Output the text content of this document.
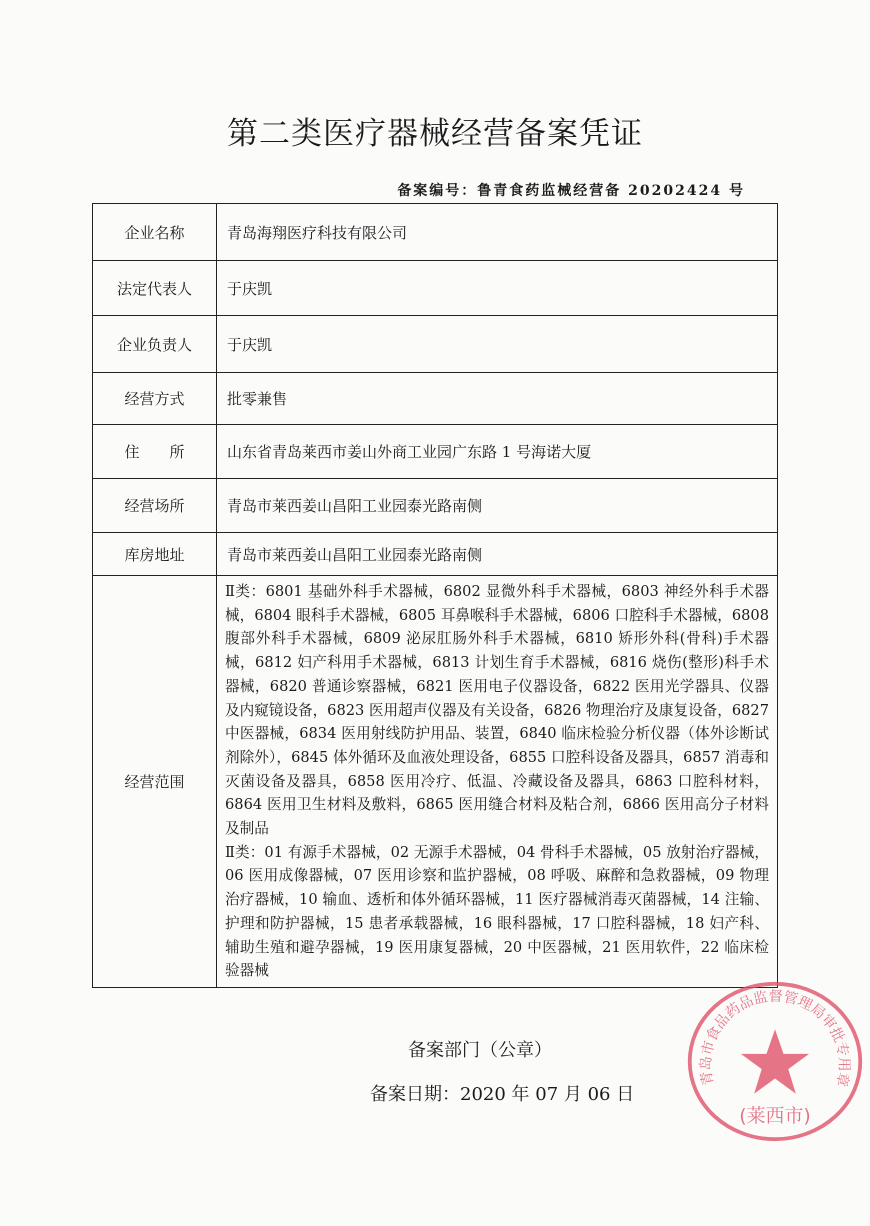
第二类医疗器械经营备案凭证
备案编号：鲁青食药监械经营备 20202424 号
企业名称	青岛海翔医疗科技有限公司
法定代表人	于庆凯
企业负责人	于庆凯
经营方式	批零兼售
住　　所	山东省青岛莱西市姜山外商工业园广东路 1 号海诺大厦
经营场所	青岛市莱西姜山昌阳工业园泰光路南侧
库房地址	青岛市莱西姜山昌阳工业园泰光路南侧
经营范围	Ⅱ类：6801 基础外科手术器械，6802 显微外科手术器械，6803 神经外科手术器械，6804 眼科手术器械，6805 耳鼻喉科手术器械，6806 口腔科手术器械，6808 腹部外科手术器械，6809 泌尿肛肠外科手术器械，6810 矫形外科(骨科)手术器械，6812 妇产科用手术器械，6813 计划生育手术器械，6816 烧伤(整形)科手术器械，6820 普通诊察器械，6821 医用电子仪器设备，6822 医用光学器具、仪器及内窥镜设备，6823 医用超声仪器及有关设备，6826 物理治疗及康复设备，6827 中医器械，6834 医用射线防护用品、装置，6840 临床检验分析仪器（体外诊断试剂除外），6845 体外循环及血液处理设备，6855 口腔科设备及器具，6857 消毒和灭菌设备及器具，6858 医用冷疗、低温、冷藏设备及器具，6863 口腔科材料，6864 医用卫生材料及敷料，6865 医用缝合材料及粘合剂，6866 医用高分子材料及制品
Ⅱ类：01 有源手术器械，02 无源手术器械，04 骨科手术器械，05 放射治疗器械，06 医用成像器械，07 医用诊察和监护器械，08 呼吸、麻醉和急救器械，09 物理治疗器械，10 输血、透析和体外循环器械，11 医疗器械消毒灭菌器械，14 注输、护理和防护器械，15 患者承载器械，16 眼科器械，17 口腔科器械，18 妇产科、辅助生殖和避孕器械，19 医用康复器械，20 中医器械，21 医用软件，22 临床检验器械
备案部门（公章）
备案日期：2020 年 07 月 06 日
青岛市食品药品监督管理局审批专用章
(莱西市)
